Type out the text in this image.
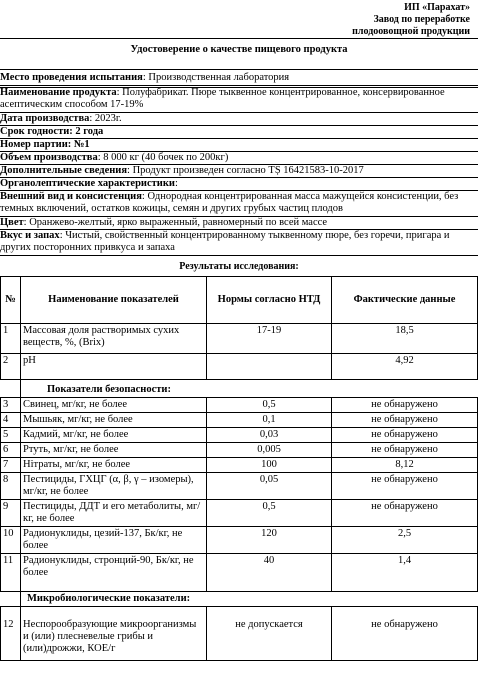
ИП «Парахат»
Завод по переработке
плодоовощной продукции
Удостоверение о качестве пищевого продукта
Место проведения испытания: Производственная лаборатория
Наименование продукта: Полуфабрикат. Пюре тыквенное концентрированное, консервированное асептическим способом 17-19%
Дата производства: 2023г.
Срок годности: 2 года
Номер партии: №1
Объем производства: 8 000 кг (40 бочек по 200кг)
Дополнительные сведения: Продукт произведен согласно TȘ 16421583-10-2017
Органолептические характеристики:
Внешний вид и консистенция: Однородная концентрированная масса мажущейся консистенции, без темных включений, остатков кожицы, семян и других грубых частиц плодов
Цвет: Оранжево-желтый, ярко выраженный, равномерный по всей массе
Вкус и запах: Чистый, свойственный концентрированному тыквенному пюре, без горечи, пригара и других посторонних привкуса и запаха
Результаты исследования:
№	Наименование показателей	Нормы согласно НТД	Фактические данные
1	Массовая доля растворимых сухих веществ, %, (Brix)	17-19	18,5
2	pH		4,92
	Показатели безопасности:		
3	Свинец, мг/кг, не более	0,5	не обнаружено
4	Мышьяк, мг/кг, не более	0,1	не обнаружено
5	Кадмий, мг/кг, не более	0,03	не обнаружено
6	Ртуть, мг/кг, не более	0,005	не обнаружено
7	Нітраты, мг/кг, не более	100	8,12
8	Пестициды, ГХЦГ (α, β, γ – изомеры), мг/кг, не более	0,05	не обнаружено
9	Пестициды, ДДТ и его метаболиты, мг/кг, не более	0,5	не обнаружено
10	Радионуклиды, цезий-137, Бк/кг, не более	120	2,5
11	Радионуклиды, стронций-90, Бк/кг, не более	40	1,4
	Микробиологические показатели:		
12	Неспорообразующие микроорганизмы и (или) плесневелые грибы и (или)дрожжи, КОЕ/г	не допускается	не обнаружено
